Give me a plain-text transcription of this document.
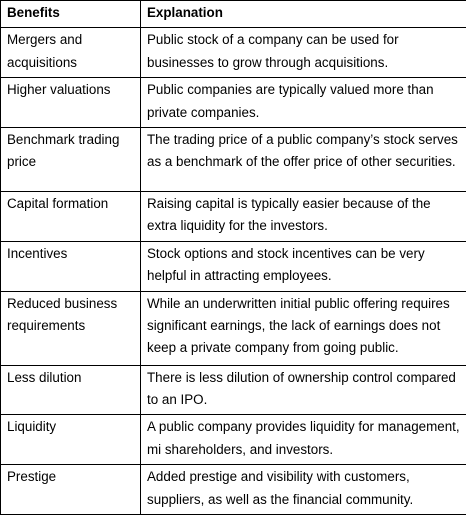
Benefits	Explanation
Mergers and acquisitions	Public stock of a company can be used for businesses to grow through acquisitions.
Higher valuations	Public companies are typically valued more than private companies.
Benchmark trading price	The trading price of a public company’s stock serves as a benchmark of the offer price of other securities.
Capital formation	Raising capital is typically easier because of the extra liquidity for the investors.
Incentives	Stock options and stock incentives can be very helpful in attracting employees.
Reduced business requirements	While an underwritten initial public offering requires significant earnings, the lack of earnings does not keep a private company from going public.
Less dilution	There is less dilution of ownership control compared to an IPO.
Liquidity	A public company provides liquidity for management, mi shareholders, and investors.
Prestige	Added prestige and visibility with customers, suppliers, as well as the financial community.
